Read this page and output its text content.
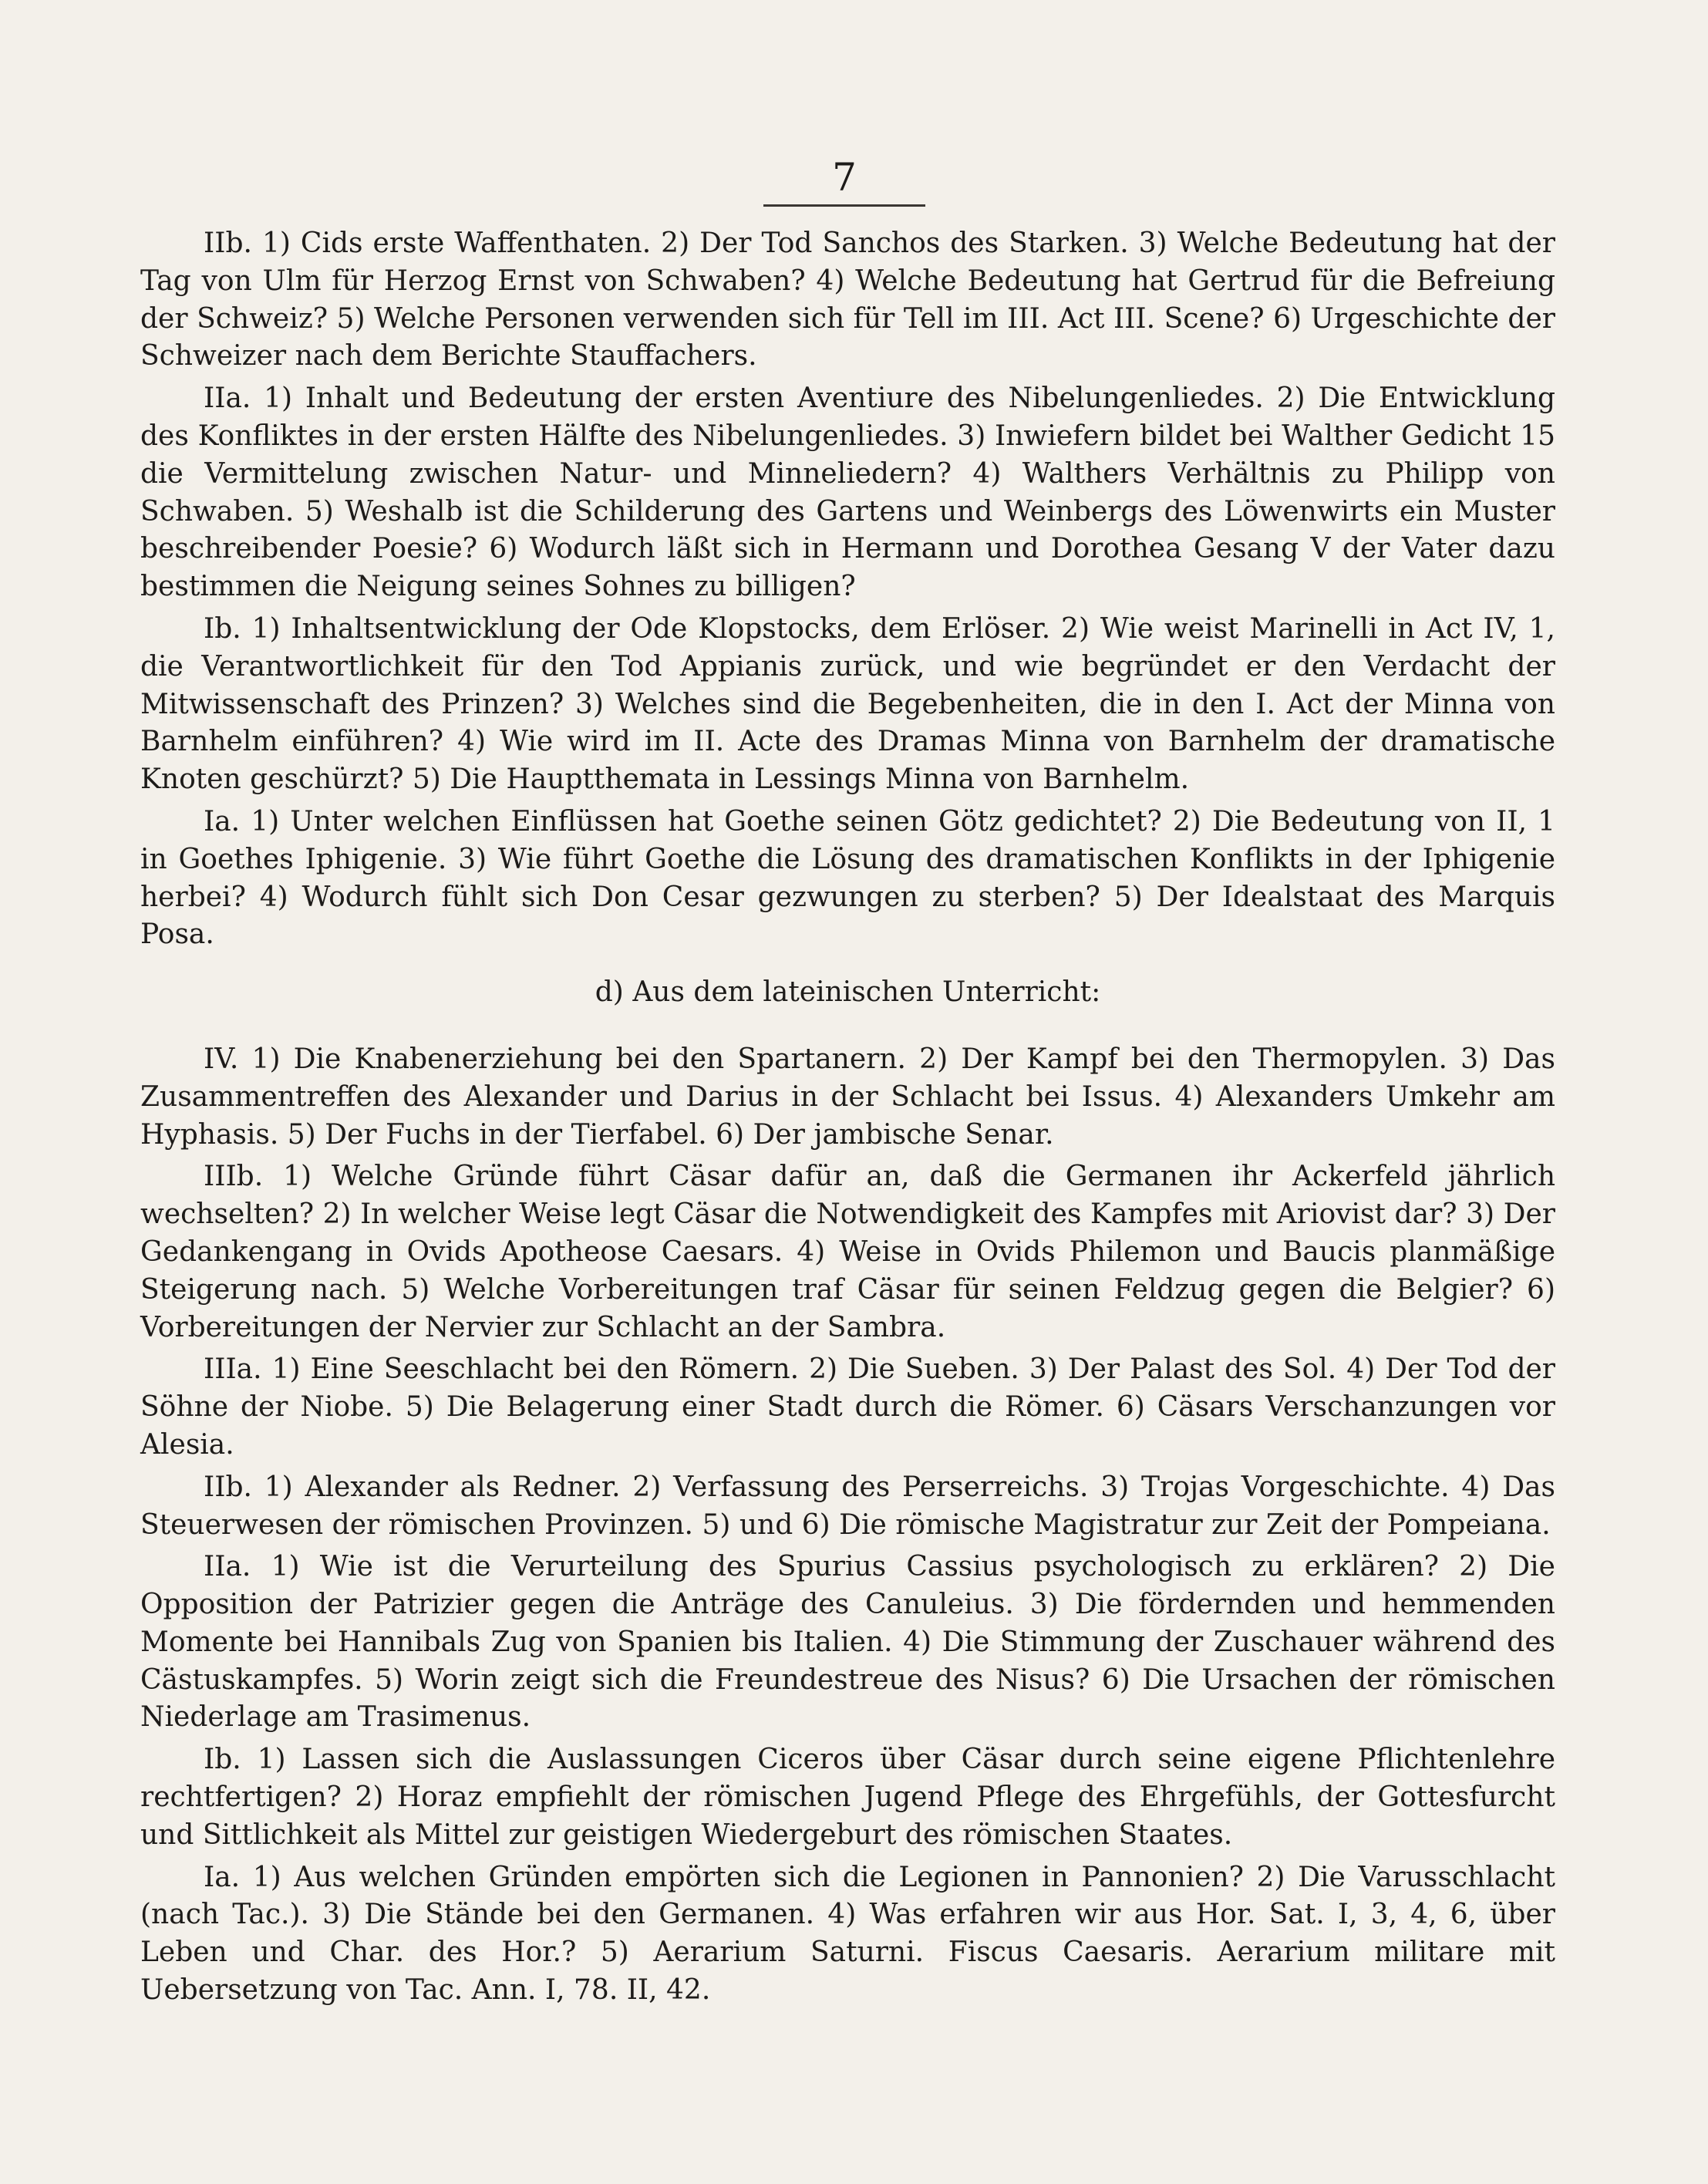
7

IIb. 1) Cids erste Waffenthaten. 2) Der Tod Sanchos des Starken. 3) Welche Bedeutung hat der Tag von Ulm für Herzog Ernst von Schwaben? 4) Welche Bedeutung hat Gertrud für die Befreiung der Schweiz? 5) Welche Personen verwenden sich für Tell im III. Act III. Scene? 6) Urgeschichte der Schweizer nach dem Berichte Stauffachers.

IIa. 1) Inhalt und Bedeutung der ersten Aventiure des Nibelungenliedes. 2) Die Entwicklung des Konfliktes in der ersten Hälfte des Nibelungenliedes. 3) Inwiefern bildet bei Walther Gedicht 15 die Vermittelung zwischen Natur- und Minneliedern? 4) Walthers Verhältnis zu Philipp von Schwaben. 5) Weshalb ist die Schilderung des Gartens und Weinbergs des Löwenwirts ein Muster beschreibender Poesie? 6) Wodurch läßt sich in Hermann und Dorothea Gesang V der Vater dazu bestimmen die Neigung seines Sohnes zu billigen?

Ib. 1) Inhaltsentwicklung der Ode Klopstocks, dem Erlöser. 2) Wie weist Marinelli in Act IV, 1, die Verantwortlichkeit für den Tod Appianis zurück, und wie begründet er den Verdacht der Mitwissenschaft des Prinzen? 3) Welches sind die Begebenheiten, die in den I. Act der Minna von Barnhelm einführen? 4) Wie wird im II. Acte des Dramas Minna von Barnhelm der dramatische Knoten geschürzt? 5) Die Hauptthemata in Lessings Minna von Barnhelm.

Ia. 1) Unter welchen Einflüssen hat Goethe seinen Götz gedichtet? 2) Die Bedeutung von II, 1 in Goethes Iphigenie. 3) Wie führt Goethe die Lösung des dramatischen Konflikts in der Iphigenie herbei? 4) Wodurch fühlt sich Don Cesar gezwungen zu sterben? 5) Der Idealstaat des Marquis Posa.

d) Aus dem lateinischen Unterricht:

IV. 1) Die Knabenerziehung bei den Spartanern. 2) Der Kampf bei den Thermopylen. 3) Das Zusammentreffen des Alexander und Darius in der Schlacht bei Issus. 4) Alexanders Umkehr am Hyphasis. 5) Der Fuchs in der Tierfabel. 6) Der jambische Senar.

IIIb. 1) Welche Gründe führt Cäsar dafür an, daß die Germanen ihr Ackerfeld jährlich wechselten? 2) In welcher Weise legt Cäsar die Notwendigkeit des Kampfes mit Ariovist dar? 3) Der Gedankengang in Ovids Apotheose Caesars. 4) Weise in Ovids Philemon und Baucis planmäßige Steigerung nach. 5) Welche Vorbereitungen traf Cäsar für seinen Feldzug gegen die Belgier? 6) Vorbereitungen der Nervier zur Schlacht an der Sambra.

IIIa. 1) Eine Seeschlacht bei den Römern. 2) Die Sueben. 3) Der Palast des Sol. 4) Der Tod der Söhne der Niobe. 5) Die Belagerung einer Stadt durch die Römer. 6) Cäsars Verschanzungen vor Alesia.

IIb. 1) Alexander als Redner. 2) Verfassung des Perserreichs. 3) Trojas Vorgeschichte. 4) Das Steuerwesen der römischen Provinzen. 5) und 6) Die römische Magistratur zur Zeit der Pompeiana.

IIa. 1) Wie ist die Verurteilung des Spurius Cassius psychologisch zu erklären? 2) Die Opposition der Patrizier gegen die Anträge des Canuleius. 3) Die fördernden und hemmenden Momente bei Hannibals Zug von Spanien bis Italien. 4) Die Stimmung der Zuschauer während des Cästuskampfes. 5) Worin zeigt sich die Freundestreue des Nisus? 6) Die Ursachen der römischen Niederlage am Trasimenus.

Ib. 1) Lassen sich die Auslassungen Ciceros über Cäsar durch seine eigene Pflichtenlehre rechtfertigen? 2) Horaz empfiehlt der römischen Jugend Pflege des Ehrgefühls, der Gottesfurcht und Sittlichkeit als Mittel zur geistigen Wiedergeburt des römischen Staates.

Ia. 1) Aus welchen Gründen empörten sich die Legionen in Pannonien? 2) Die Varusschlacht (nach Tac.). 3) Die Stände bei den Germanen. 4) Was erfahren wir aus Hor. Sat. I, 3, 4, 6, über Leben und Char. des Hor.? 5) Aerarium Saturni. Fiscus Caesaris. Aerarium militare mit Uebersetzung von Tac. Ann. I, 78. II, 42.
